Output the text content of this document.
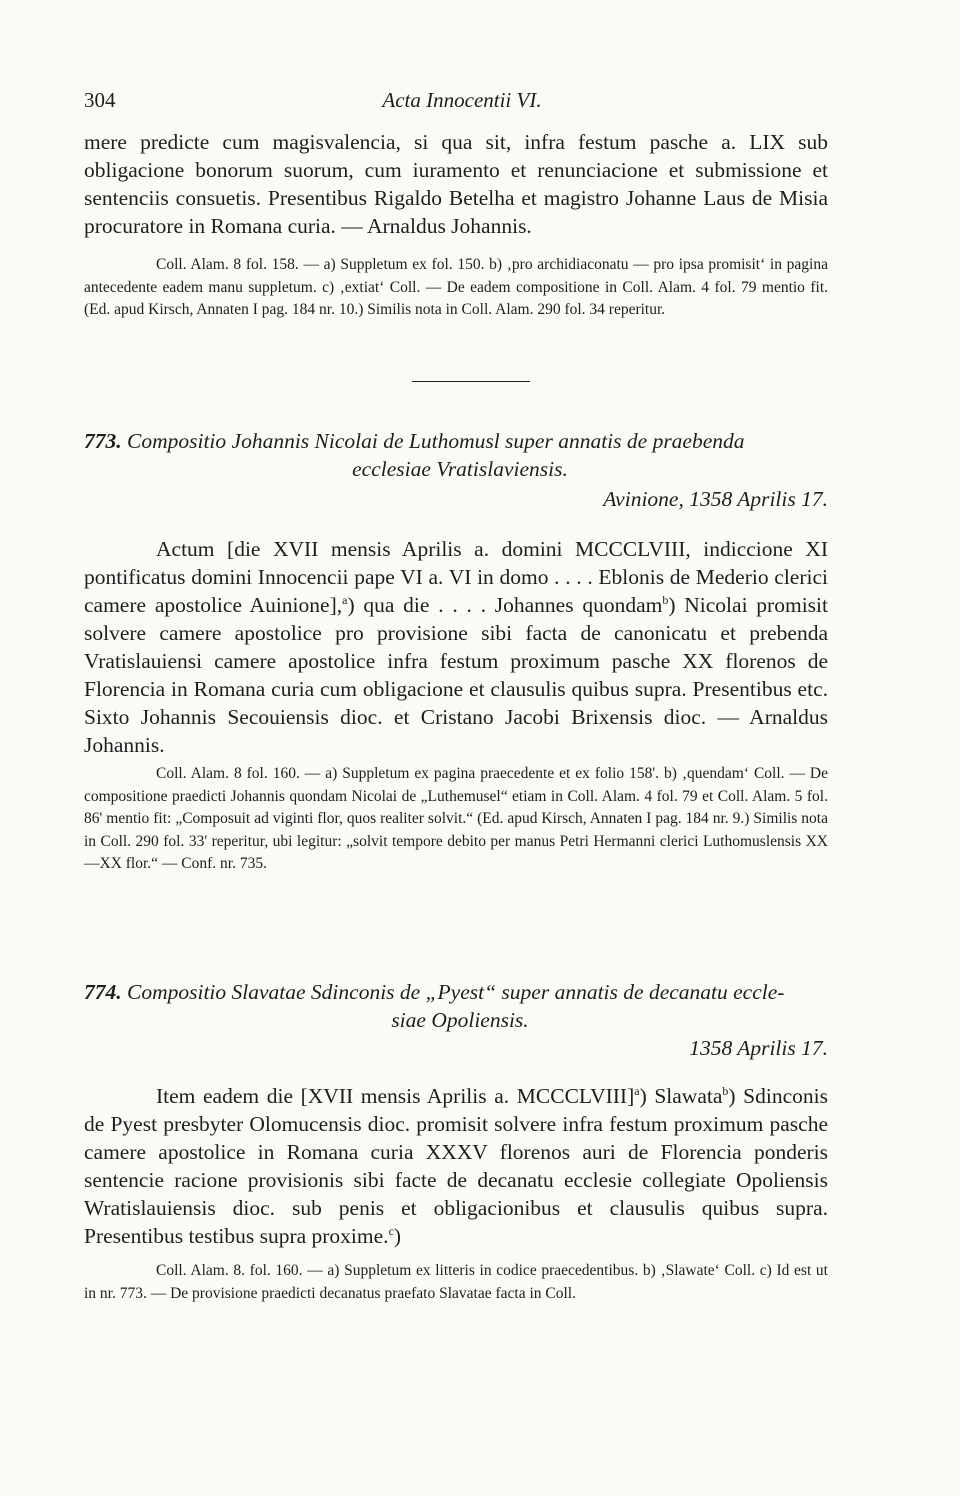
304	Acta Innocentii VI.

mere predicte cum magisvalencia, si qua sit, infra festum pasche a. LIX sub obligacione bonorum suorum, cum iuramento et renunciacione et submissione et sentenciis consuetis. Presentibus Rigaldo Betelha et magistro Johanne Laus de Misia procuratore in Romana curia. — Arnaldus Johannis.

Coll. Alam. 8 fol. 158. — a) Suppletum ex fol. 150. b) ‚pro archidiaconatu — pro ipsa promisit‘ in pagina antecedente eadem manu suppletum. c) ‚extiat‘ Coll. — De eadem compositione in Coll. Alam. 4 fol. 79 mentio fit. (Ed. apud Kirsch, Annaten I pag. 184 nr. 10.) Similis nota in Coll. Alam. 290 fol. 34 reperitur.

773. Compositio Johannis Nicolai de Luthomusl super annatis de praebenda
ecclesiae Vratislaviensis.

Avinione, 1358 Aprilis 17.

Actum [die XVII mensis Aprilis a. domini MCCCLVIII, indiccione XI pontificatus domini Innocencii pape VI a. VI in domo . . . . Eblonis de Mederio clerici camere apostolice Auinione],$^a$) qua die . . . . Johannes quondam$^b$) Nicolai promisit solvere camere apostolice pro provisione sibi facta de canonicatu et prebenda Vratislauiensi camere apostolice infra festum proximum pasche XX florenos de Florencia in Romana curia cum obligacione et clausulis quibus supra. Presentibus etc. Sixto Johannis Secouiensis dioc. et Cristano Jacobi Brixensis dioc. — Arnaldus Johannis.

Coll. Alam. 8 fol. 160. — a) Suppletum ex pagina praecedente et ex folio 158'. b) ‚quendam‘ Coll. — De compositione praedicti Johannis quondam Nicolai de „Luthemusel“ etiam in Coll. Alam. 4 fol. 79 et Coll. Alam. 5 fol. 86' mentio fit: „Composuit ad viginti flor, quos realiter solvit.“ (Ed. apud Kirsch, Annaten I pag. 184 nr. 9.) Similis nota in Coll. 290 fol. 33' reperitur, ubi legitur: „solvit tempore debito per manus Petri Hermanni clerici Luthomuslensis XX—XX flor.“ — Conf. nr. 735.

774. Compositio Slavatae Sdinconis de „Pyest“ super annatis de decanatu eccle-
siae Opoliensis.

1358 Aprilis 17.

Item eadem die [XVII mensis Aprilis a. MCCCLVIII]$^a$) Slawata$^b$) Sdinconis de Pyest presbyter Olomucensis dioc. promisit solvere infra festum proximum pasche camere apostolice in Romana curia XXXV florenos auri de Florencia ponderis sentencie racione provisionis sibi facte de decanatu ecclesie collegiate Opoliensis Wratislauiensis dioc. sub penis et obligacionibus et clausulis quibus supra. Presentibus testibus supra proxime.$^c$)

Coll. Alam. 8. fol. 160. — a) Suppletum ex litteris in codice praecedentibus. b) ‚Slawate‘ Coll. c) Id est ut in nr. 773. — De provisione praedicti decanatus praefato Slavatae facta in Coll.
